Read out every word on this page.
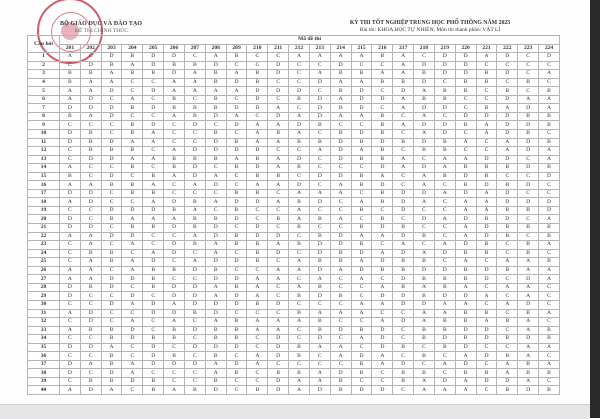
BỘ GIÁO DỤC VÀ ĐÀO TẠO
ĐỀ THI CHÍNH THỨC
KỲ THI TỐT NGHIỆP TRUNG HỌC PHỔ THÔNG NĂM 2023
Bài thi: KHOA HỌC TỰ NHIÊN; Môn thi thành phần: VẬT LÍ
Câu hỏi	Mã đề thi																							
	201	202	203	204	205	206	207	208	209	210	211	212	213	214	215	216	217	218	219	220	221	222	223	224
1	A	C	D	B	D	D	C	A	B	C	C	A	A	A	A	B	A	C	D	D	A	D	C	D
2	C	D	B	A	D	B	B	D	C	C	D	C	C	D	C	C	A	D	D	D	C	C	C	C
3	B	B	A	B	B	D	A	B	A	B	D	C	A	B	B	A	A	B	D	D	B	D	C	A
4	B	A	A	C	C	A	A	B	D	B	C	C	D	A	A	B	B	D	C	B	B	C	B	C
5	A	A	D	C	D	A	A	A	A	D	D	D	C	B	D	C	D	A	B	B	C	B	C	B
6	A	D	C	A	C	B	C	B	C	D	C	B	D	A	D	D	A	B	B	C	C	D	A	A
7	D	D	D	B	D	B	B	B	D	D	A	C	D	B	D	C	A	D	D	C	B	A	D	A
8	B	A	D	C	C	A	B	D	A	C	D	A	D	A	A	B	C	A	C	D	D	D	B	B
9	C	C	C	B	D	C	D	C	D	A	A	D	B	C	C	B	A	D	D	B	A	D	D	B
10	D	B	C	B	A	C	C	B	C	A	B	A	C	B	D	B	C	A	D	C	A	D	B	C
11	D	B	D	A	A	C	C	D	B	A	A	B	B	D	B	D	B	D	B	A	C	A	D	B
12	C	B	B	B	C	A	D	D	D	D	C	C	A	D	A	B	C	B	B	C	C	A	D	A
13	C	D	D	A	A	B	B	B	A	B	A	D	C	D	B	B	A	C	A	A	D	D	C	A
14	A	C	C	B	C	B	D	C	B	D	A	B	C	C	C	D	A	D	A	B	B	B	D	B
15	B	C	D	C	B	A	D	A	C	B	B	C	D	D	B	A	C	A	B	D	B	C	C	D
16	A	A	B	B	A	C	A	D	C	A	A	D	C	A	B	D	C	A	C	B	D	B	D	C
17	D	D	C	B	B	C	C	C	B	B	C	A	A	A	C	B	D	D	A	D	A	D	C	C
18	A	D	C	C	A	D	B	A	D	D	A	B	D	C	A	B	D	A	C	A	A	D	D	D
19	C	C	D	D	D	B	A	C	B	C	C	A	C	C	B	C	D	C	C	A	A	B	B	D
20	D	C	B	A	A	A	B	B	D	C	B	A	B	A	C	B	C	D	A	D	B	D	C	A
21	D	D	C	B	B	D	B	D	C	D	C	B	C	C	B	D	B	C	C	A	D	B	B	B
22	A	A	D	D	C	C	A	D	B	D	D	C	B	D	A	A	D	B	C	A	D	B	C	B
23	C	A	C	A	C	D	B	A	B	B	A	B	D	D	B	C	A	C	A	D	B	C	B	A
24	C	B	B	C	A	D	C	A	C	B	D	C	D	B	D	A	D	A	D	B	B	C	B	C
25	C	A	B	A	D	C	A	D	D	B	C	A	B	B	A	D	B	B	C	A	C	A	A	B
26	A	A	C	A	B	B	D	B	C	C	A	A	D	A	D	B	B	D	D	B	D	B	A	A
27	A	A	D	D	B	C	C	D	D	A	A	C	A	C	A	C	D	B	B	B	D	C	D	A
28	D	B	D	C	B	D	D	A	B	A	C	A	B	C	C	A	B	A	B	A	C	A	A	C
29	D	C	C	D	C	D	D	A	D	A	C	B	D	B	C	D	D	B	D	D	A	C	A	C
30	C	C	D	A	D	A	D	D	D	B	D	C	C	C	A	A	D	D	A	A	C	A	D	C
31	A	D	C	C	D	D	B	D	C	C	C	B	A	A	A	C	C	A	A	B	B	C	B	A
32	C	D	C	A	C	A	C	A	B	A	A	A	B	C	C	A	D	A	B	B	A	B	A	C
33	A	B	B	D	C	B	D	B	B	A	A	C	B	D	B	D	C	B	B	D	D	C	A	B
34	C	C	B	D	B	B	C	B	B	C	D	C	D	C	A	D	C	B	D	B	D	B	D	B
35	D	D	A	C	D	C	D	D	D	C	D	B	A	A	C	D	B	C	B	D	C	C	A	A
36	C	C	B	C	D	B	C	B	C	A	D	B	C	A	D	A	C	B	C	A	D	B	A	C
37	D	A	B	A	D	D	D	A	D	A	C	C	C	C	B	A	D	C	A	D	C	A	B	A
38	D	C	D	A	C	C	C	A	B	C	B	B	A	D	B	C	B	B	C	B	B	A	B	B
39	C	B	B	D	B	C	C	B	C	C	D	A	A	B	C	C	B	A	D	A	D	D	A	C
40	A	D	A	C	B	A	B	D	C	B	D	A	D	B	D	D	C	A	A	A	C	B	D	B
